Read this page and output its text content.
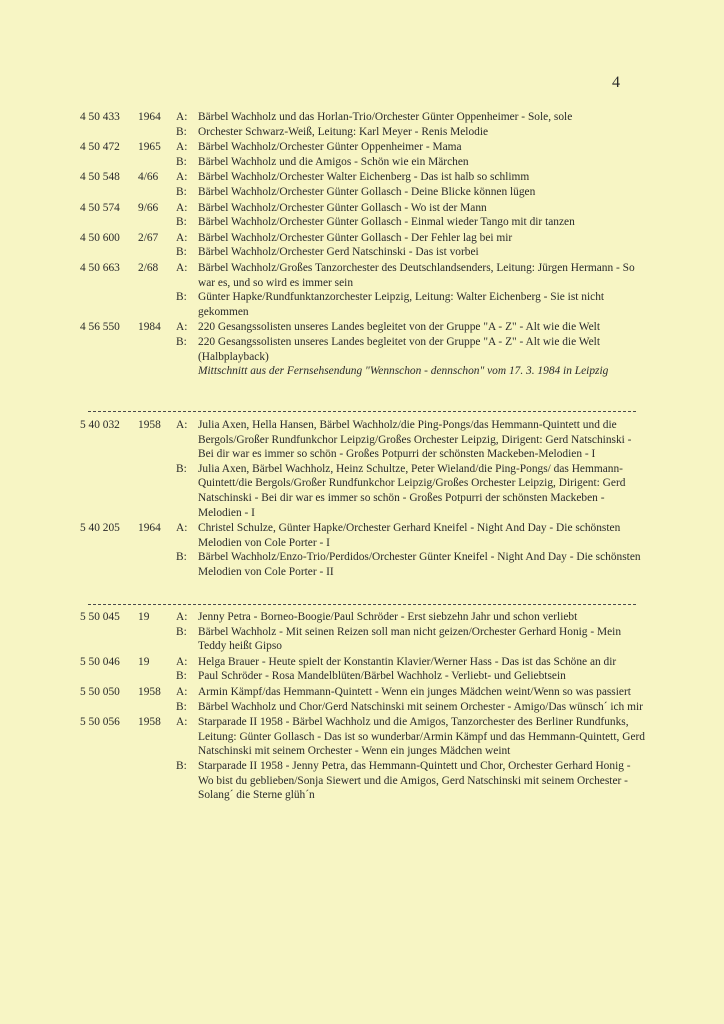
4
4 50 433	1964	A: Bärbel Wachholz und das Horlan-Trio/Orchester Günter Oppenheimer - Sole, sole
B: Orchester Schwarz-Weiß, Leitung: Karl Meyer - Renis Melodie
4 50 472	1965	A: Bärbel Wachholz/Orchester Günter Oppenheimer - Mama
B: Bärbel Wachholz und die Amigos - Schön wie ein Märchen
4 50 548	4/66	A: Bärbel Wachholz/Orchester Walter Eichenberg - Das ist halb so schlimm
B: Bärbel Wachholz/Orchester Günter Gollasch - Deine Blicke können lügen
4 50 574	9/66	A: Bärbel Wachholz/Orchester Günter Gollasch - Wo ist der Mann
B: Bärbel Wachholz/Orchester Günter Gollasch - Einmal wieder Tango mit dir tanzen
4 50 600	2/67	A: Bärbel Wachholz/Orchester Günter Gollasch - Der Fehler lag bei mir
B: Bärbel Wachholz/Orchester Gerd Natschinski - Das ist vorbei
4 50 663	2/68	A: Bärbel Wachholz/Großes Tanzorchester des Deutschlandsenders, Leitung: Jürgen Hermann - So war es, und so wird es immer sein
B: Günter Hapke/Rundfunktanzorchester Leipzig, Leitung: Walter Eichenberg - Sie ist nicht gekommen
4 56 550	1984	A: 220 Gesangssolisten unseres Landes begleitet von der Gruppe "A - Z" - Alt wie die Welt
B: 220 Gesangssolisten unseres Landes begleitet von der Gruppe "A - Z" - Alt wie die Welt (Halbplayback)
Mittschnitt aus der Fernsehsendung "Wennschon - dennschon" vom 17. 3. 1984 in Leipzig
5 40 032	1958	A: Julia Axen, Hella Hansen, Bärbel Wachholz/die Ping-Pongs/das Hemmann-Quintett und die Bergols/Großer Rundfunkchor Leipzig/Großes Orchester Leipzig, Dirigent: Gerd Natschinski - Bei dir war es immer so schön - Großes Potpurri der schönsten Mackeben-Melodien - I
B: Julia Axen, Bärbel Wachholz, Heinz Schultze, Peter Wieland/die Ping-Pongs/ das Hemmann-Quintett/die Bergols/Großer Rundfunkchor Leipzig/Großes Orchester Leipzig, Dirigent: Gerd Natschinski - Bei dir war es immer so schön - Großes Potpurri der schönsten Mackeben - Melodien - I
5 40 205	1964	A: Christel Schulze, Günter Hapke/Orchester Gerhard Kneifel - Night And Day - Die schönsten Melodien von Cole Porter - I
B: Bärbel Wachholz/Enzo-Trio/Perdidos/Orchester Günter Kneifel - Night And Day - Die schönsten Melodien von Cole Porter - II
5 50 045	19	A: Jenny Petra - Borneo-Boogie/Paul Schröder - Erst siebzehn Jahr und schon verliebt
B: Bärbel Wachholz - Mit seinen Reizen soll man nicht geizen/Orchester Gerhard Honig - Mein Teddy heißt Gipso
5 50 046	19	A: Helga Brauer - Heute spielt der Konstantin Klavier/Werner Hass - Das ist das Schöne an dir
B: Paul Schröder - Rosa Mandelblüten/Bärbel Wachholz - Verliebt- und Geliebtsein
5 50 050	1958	A: Armin Kämpf/das Hemmann-Quintett - Wenn ein junges Mädchen weint/Wenn so was passiert
B: Bärbel Wachholz und Chor/Gerd Natschinski mit seinem Orchester - Amigo/Das wünsch´ ich mir
5 50 056	1958	A: Starparade II 1958 - Bärbel Wachholz und die Amigos, Tanzorchester des Berliner Rundfunks, Leitung: Günter Gollasch - Das ist so wunderbar/Armin Kämpf und das Hemmann-Quintett, Gerd Natschinski mit seinem Orchester - Wenn ein junges Mädchen weint
B: Starparade II 1958 - Jenny Petra, das Hemmann-Quintett und Chor, Orchester Gerhard Honig - Wo bist du geblieben/Sonja Siewert und die Amigos, Gerd Natschinski mit seinem Orchester - Solang´ die Sterne glüh´n
